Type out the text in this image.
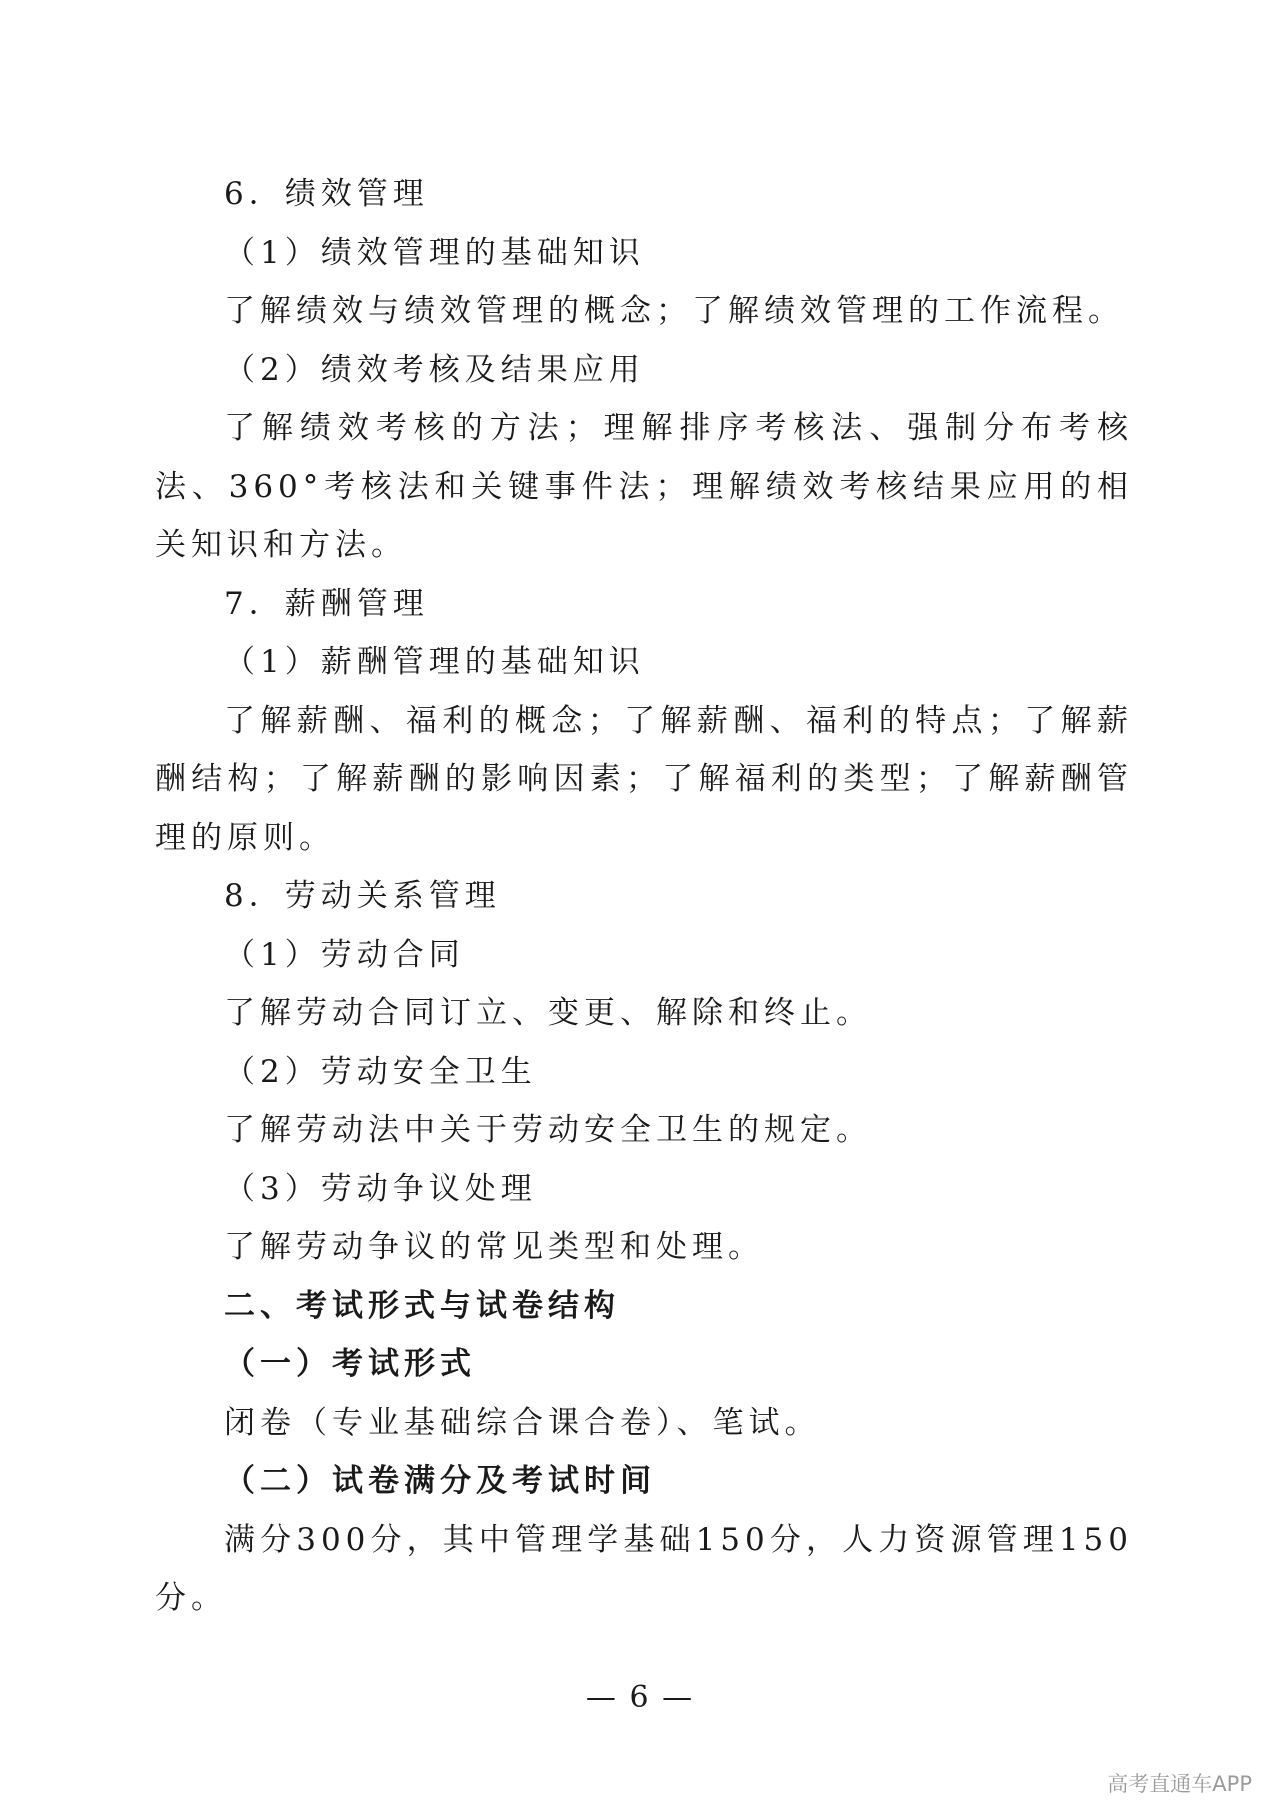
6．绩效管理
（1）绩效管理的基础知识
了解绩效与绩效管理的概念；了解绩效管理的工作流程。
（2）绩效考核及结果应用
了解绩效考核的方法；理解排序考核法、强制分布考核法、360°考核法和关键事件法；理解绩效考核结果应用的相关知识和方法。
7．薪酬管理
（1）薪酬管理的基础知识
了解薪酬、福利的概念；了解薪酬、福利的特点；了解薪酬结构；了解薪酬的影响因素；了解福利的类型；了解薪酬管理的原则。
8．劳动关系管理
（1）劳动合同
了解劳动合同订立、变更、解除和终止。
（2）劳动安全卫生
了解劳动法中关于劳动安全卫生的规定。
（3）劳动争议处理
了解劳动争议的常见类型和处理。
二、考试形式与试卷结构
（一）考试形式
闭卷（专业基础综合课合卷）、笔试。
（二）试卷满分及考试时间
满分300分，其中管理学基础150分，人力资源管理150分。
— 6 —
高考直通车APP
